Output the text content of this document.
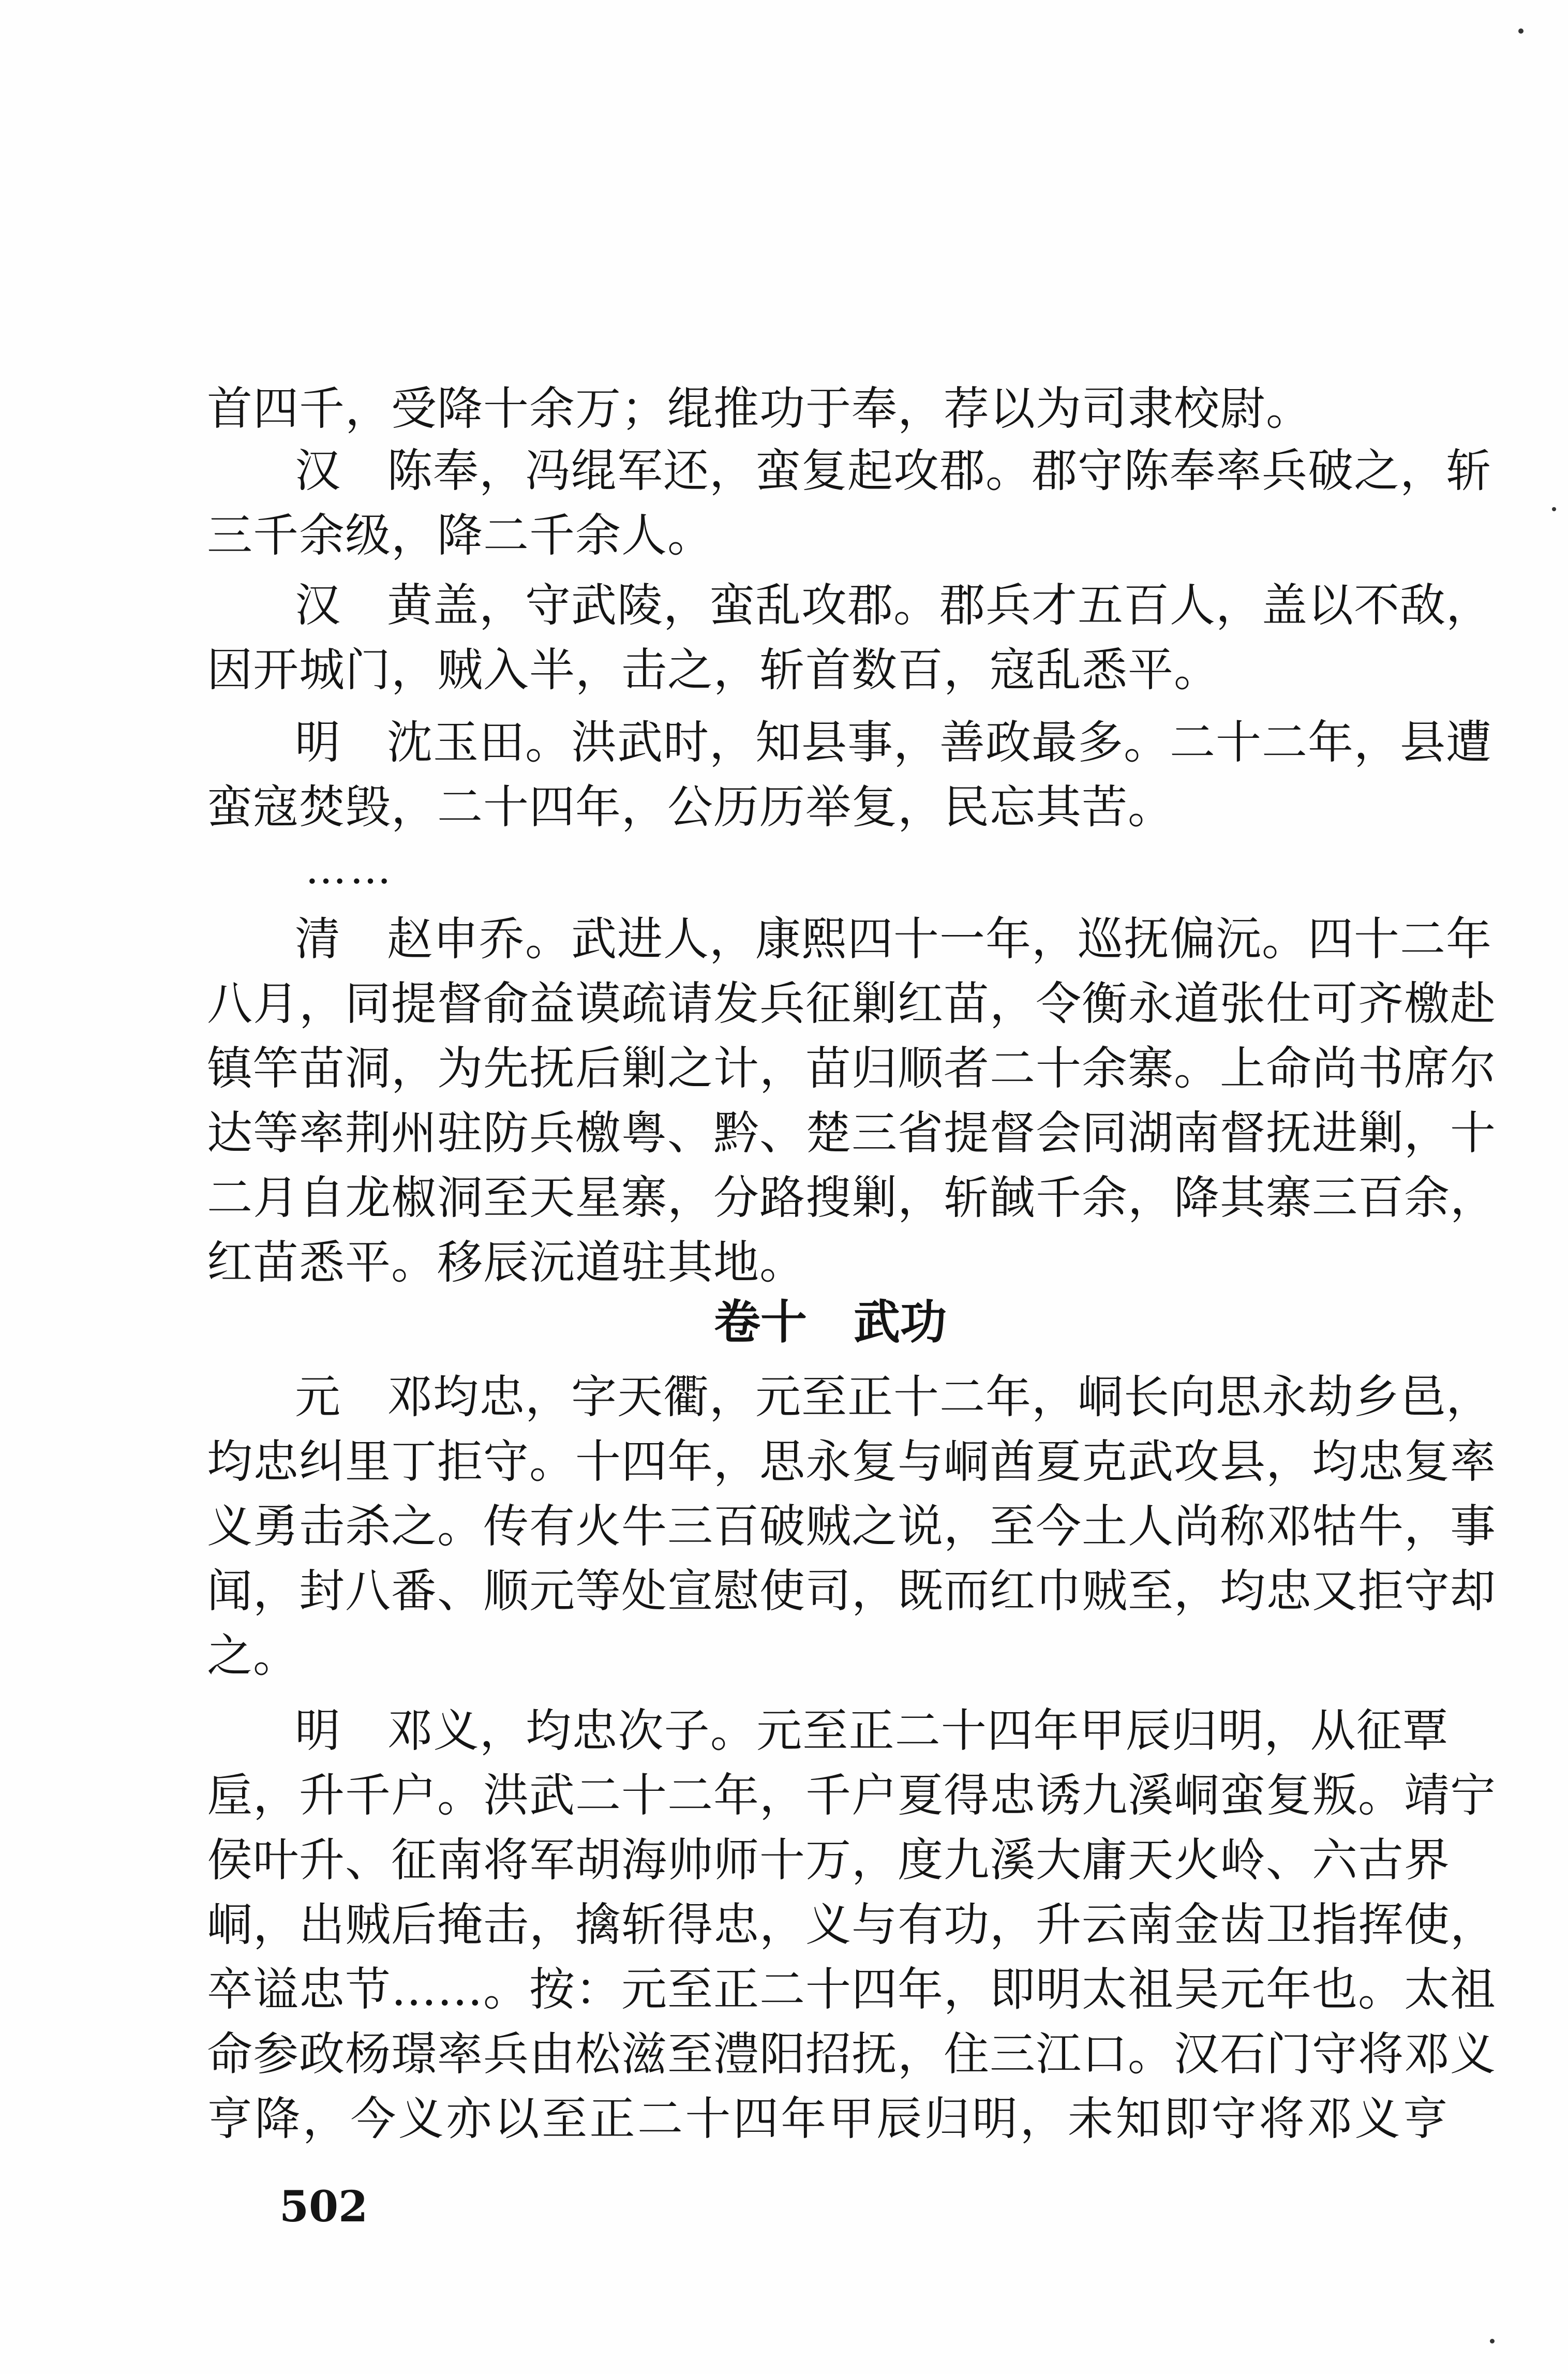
首四千，受降十余万；绲推功于奉，荐以为司隶校尉。
汉　陈奉，冯绲军还，蛮复起攻郡。郡守陈奉率兵破之，斩
三千余级，降二千余人。
汉　黄盖，守武陵，蛮乱攻郡。郡兵才五百人，盖以不敌，
因开城门，贼入半，击之，斩首数百，寇乱悉平。
明　沈玉田。洪武时，知县事，善政最多。二十二年，县遭
蛮寇焚毁，二十四年，公历历举复，民忘其苦。
……
清　赵申乔。武进人，康熙四十一年，巡抚偏沅。四十二年
八月，同提督俞益谟疏请发兵征剿红苗，令衡永道张仕可齐檄赴
镇竿苗洞，为先抚后剿之计，苗归顺者二十余寨。上命尚书席尔
达等率荆州驻防兵檄粤、黔、楚三省提督会同湖南督抚进剿，十
二月自龙椒洞至天星寨，分路搜剿，斩馘千余，降其寨三百余，
红苗悉平。移辰沅道驻其地。
卷十　武功
元　邓均忠，字天衢，元至正十二年，峒长向思永劫乡邑，
均忠纠里丁拒守。十四年，思永复与峒酋夏克武攻县，均忠复率
义勇击杀之。传有火牛三百破贼之说，至今土人尚称邓牯牛，事
闻，封八番、顺元等处宣慰使司，既而红巾贼至，均忠又拒守却
之。
明　邓义，均忠次子。元至正二十四年甲辰归明，从征覃
垕，升千户。洪武二十二年，千户夏得忠诱九溪峒蛮复叛。靖宁
侯叶升、征南将军胡海帅师十万，度九溪大庸天火岭、六古界
峒，出贼后掩击，擒斩得忠，义与有功，升云南金齿卫指挥使，
卒谥忠节……。按：元至正二十四年，即明太祖吴元年也。太祖
命参政杨璟率兵由松滋至澧阳招抚，住三江口。汉石门守将邓义
亨降，今义亦以至正二十四年甲辰归明，未知即守将邓义亨
502
